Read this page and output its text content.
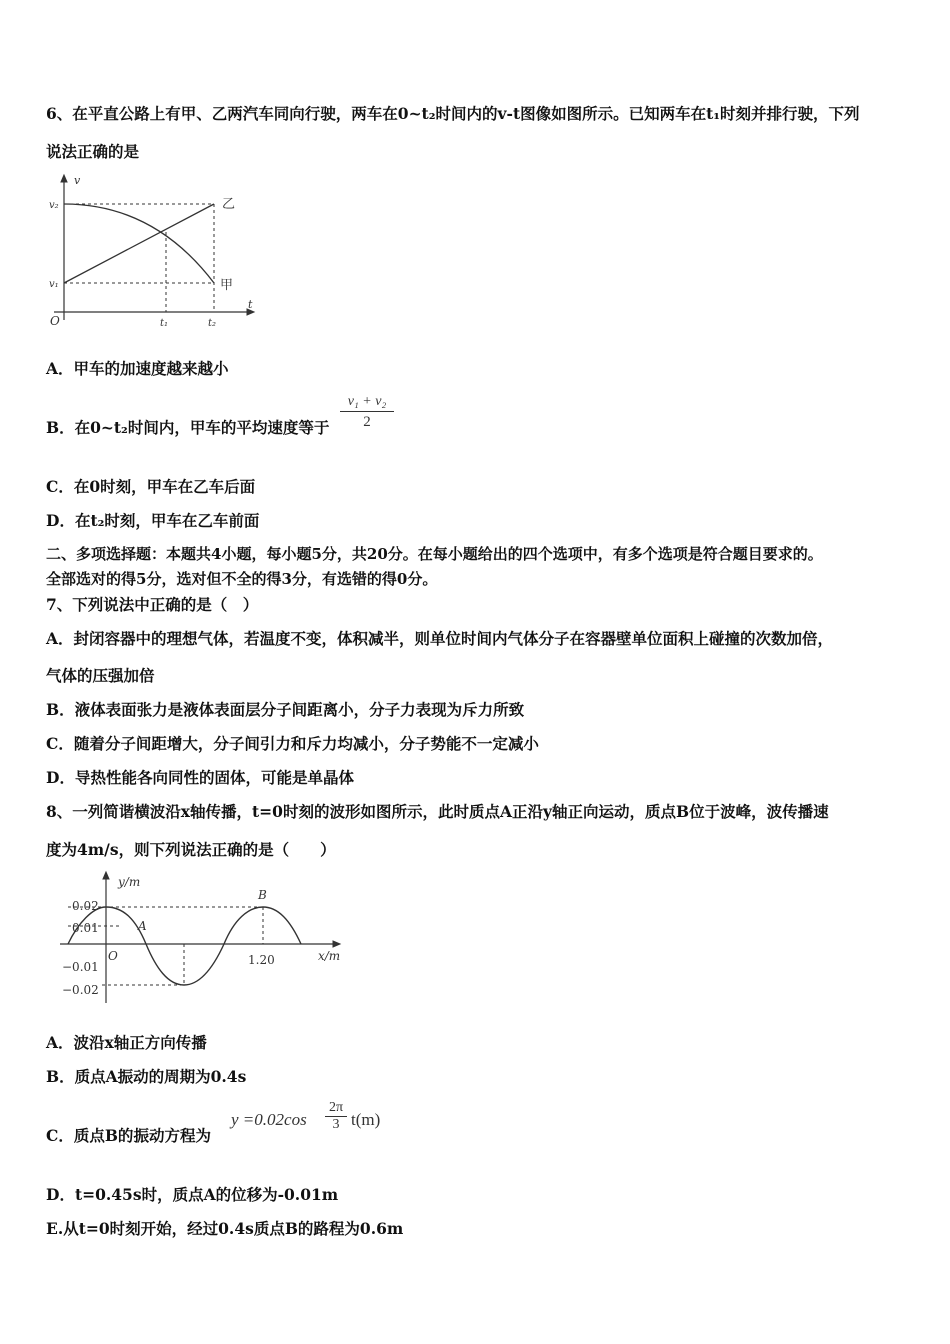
6、在平直公路上有甲、乙两汽车同向行驶，两车在0~t₂时间内的v-t图像如图所示。已知两车在t₁时刻并排行驶，下列
说法正确的是
v
t
O
v₂
v₁
t₁	t₂
乙
甲
A．甲车的加速度越来越小
B．在0~t₂时间内，甲车的平均速度等于 $\frac{\text{v₁ + v₂}}{2}$
C．在0时刻，甲车在乙车后面
D．在t₂时刻，甲车在乙车前面
二、多项选择题：本题共4小题，每小题5分，共20分。在每小题给出的四个选项中，有多个选项是符合题目要求的。
全部选对的得5分，选对但不全的得3分，有选错的得0分。
7、下列说法中正确的是（　）
A．封闭容器中的理想气体，若温度不变，体积减半，则单位时间内气体分子在容器壁单位面积上碰撞的次数加倍，
气体的压强加倍
B．液体表面张力是液体表面层分子间距离小，分子力表现为斥力所致
C．随着分子间距增大，分子间引力和斥力均减小，分子势能不一定减小
D．导热性能各向同性的固体，可能是单晶体
8、一列简谐横波沿x轴传播，t=0时刻的波形如图所示，此时质点A正沿y轴正向运动，质点B位于波峰，波传播速
度为4m/s，则下列说法正确的是（　　）
y/m
x/m
O
0.02
0.01
−0.01
−0.02
1.20
A
B
A．波沿x轴正方向传播
B．质点A振动的周期为0.4s
C．质点B的振动方程为
$y =0.02\cos \frac{2\pi}{3} t(m)$
D．t=0.45s时，质点A的位移为-0.01m
E.从t=0时刻开始，经过0.4s质点B的路程为0.6m
